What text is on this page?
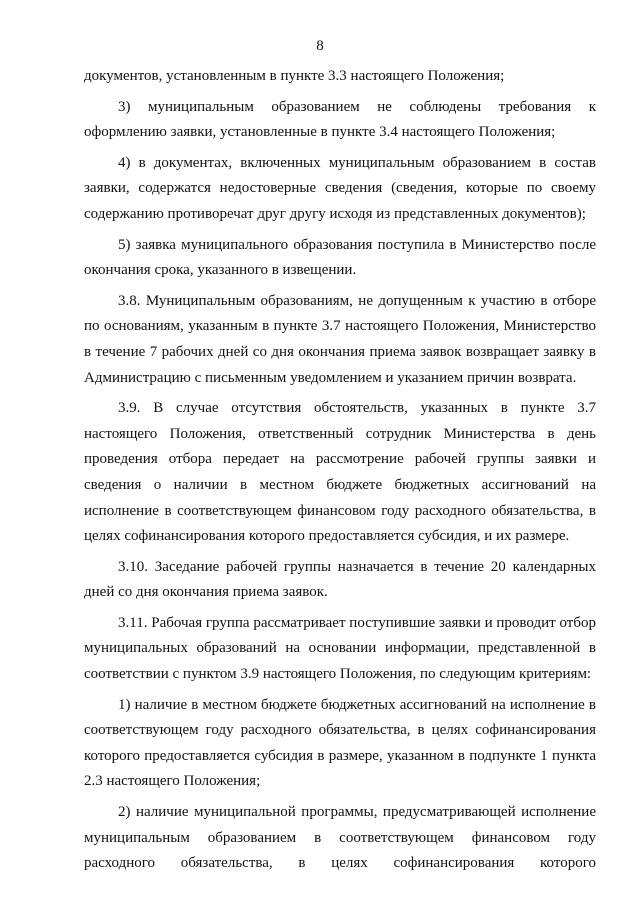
8

документов, установленным в пункте 3.3 настоящего Положения;

3) муниципальным образованием не соблюдены требования к оформлению заявки, установленные в пункте 3.4 настоящего Положения;

4) в документах, включенных муниципальным образованием в состав заявки, содержатся недостоверные сведения (сведения, которые по своему содержанию противоречат друг другу исходя из представленных документов);

5) заявка муниципального образования поступила в Министерство после окончания срока, указанного в извещении.

3.8. Муниципальным образованиям, не допущенным к участию в отборе по основаниям, указанным в пункте 3.7 настоящего Положения, Министерство в течение 7 рабочих дней со дня окончания приема заявок возвращает заявку в Администрацию с письменным уведомлением и указанием причин возврата.

3.9. В случае отсутствия обстоятельств, указанных в пункте 3.7 настоящего Положения, ответственный сотрудник Министерства в день проведения отбора передает на рассмотрение рабочей группы заявки и сведения о наличии в местном бюджете бюджетных ассигнований на исполнение в соответствующем финансовом году расходного обязательства, в целях софинансирования которого предоставляется субсидия, и их размере.

3.10. Заседание рабочей группы назначается в течение 20 календарных дней со дня окончания приема заявок.

3.11. Рабочая группа рассматривает поступившие заявки и проводит отбор муниципальных образований на основании информации, представленной в соответствии с пунктом 3.9 настоящего Положения, по следующим критериям:

1) наличие в местном бюджете бюджетных ассигнований на исполнение в соответствующем году расходного обязательства, в целях софинансирования которого предоставляется субсидия в размере, указанном в подпункте 1 пункта 2.3 настоящего Положения;

2) наличие муниципальной программы, предусматривающей исполнение муниципальным образованием в соответствующем финансовом году расходного обязательства, в целях софинансирования которого
